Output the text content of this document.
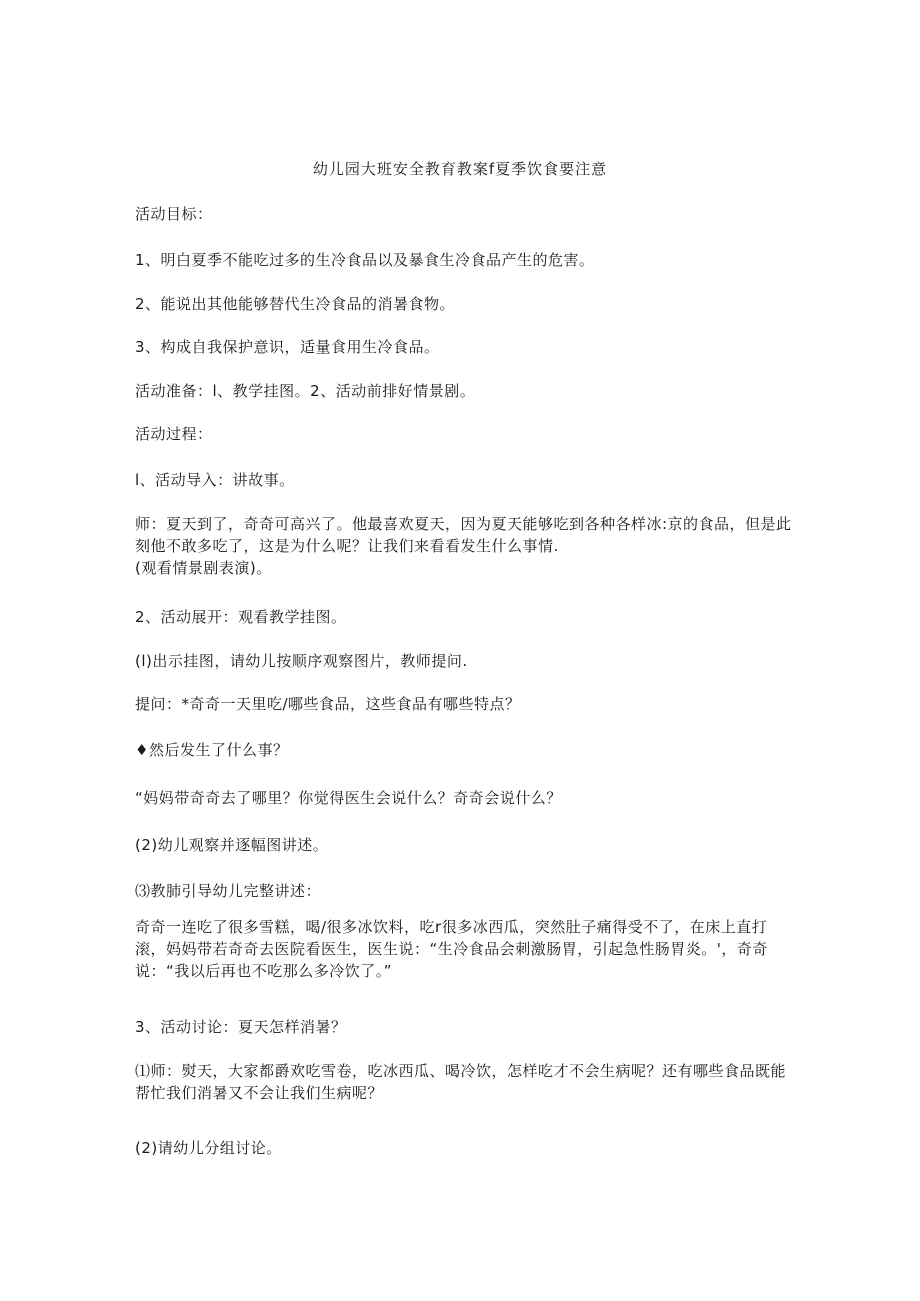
幼儿园大班安全教育教案f夏季饮食要注意
活动目标：
1、明白夏季不能吃过多的生冷食品以及暴食生冷食品产生的危害。
2、能说出其他能够替代生冷食品的消暑食物。
3、构成自我保护意识，适量食用生冷食品。
活动准备：l、教学挂图。2、活动前排好情景剧。
活动过程：
l、活动导入：讲故事。
师：夏天到了，奇奇可高兴了。他最喜欢夏天，因为夏天能够吃到各种各样冰:京的食品，但是此刻他不敢多吃了，这是为什么呢？让我们来看看发生什么事情.
(观看情景剧表演)。
2、活动展开：观看教学挂图。
(l)出示挂图，请幼儿按顺序观察图片，教师提问.
提问：*奇奇一天里吃/哪些食品，这些食品有哪些特点？
♦然后发生了什么事？
“妈妈带奇奇去了哪里？你觉得医生会说什么？奇奇会说什么？
(2)幼儿观察并逐幅图讲述。
⑶教肺引导幼儿完整讲述：
奇奇一连吃了很多雪糕，喝/很多冰饮料，吃r很多冰西瓜，突然肚子痛得受不了，在床上直打滚，妈妈带若奇奇去医院看医生，医生说：“生冷食品会刺激肠胃，引起急性肠胃炎。'，奇奇说：“我以后再也不吃那么多冷饮了。”
3、活动讨论：夏天怎样消暑？
⑴师：熨天，大家都爵欢吃雪卷，吃冰西瓜、喝冷饮，怎样吃才不会生病呢？还有哪些食品既能帮忙我们消暑又不会让我们生病呢？
(2)请幼儿分组讨论。
